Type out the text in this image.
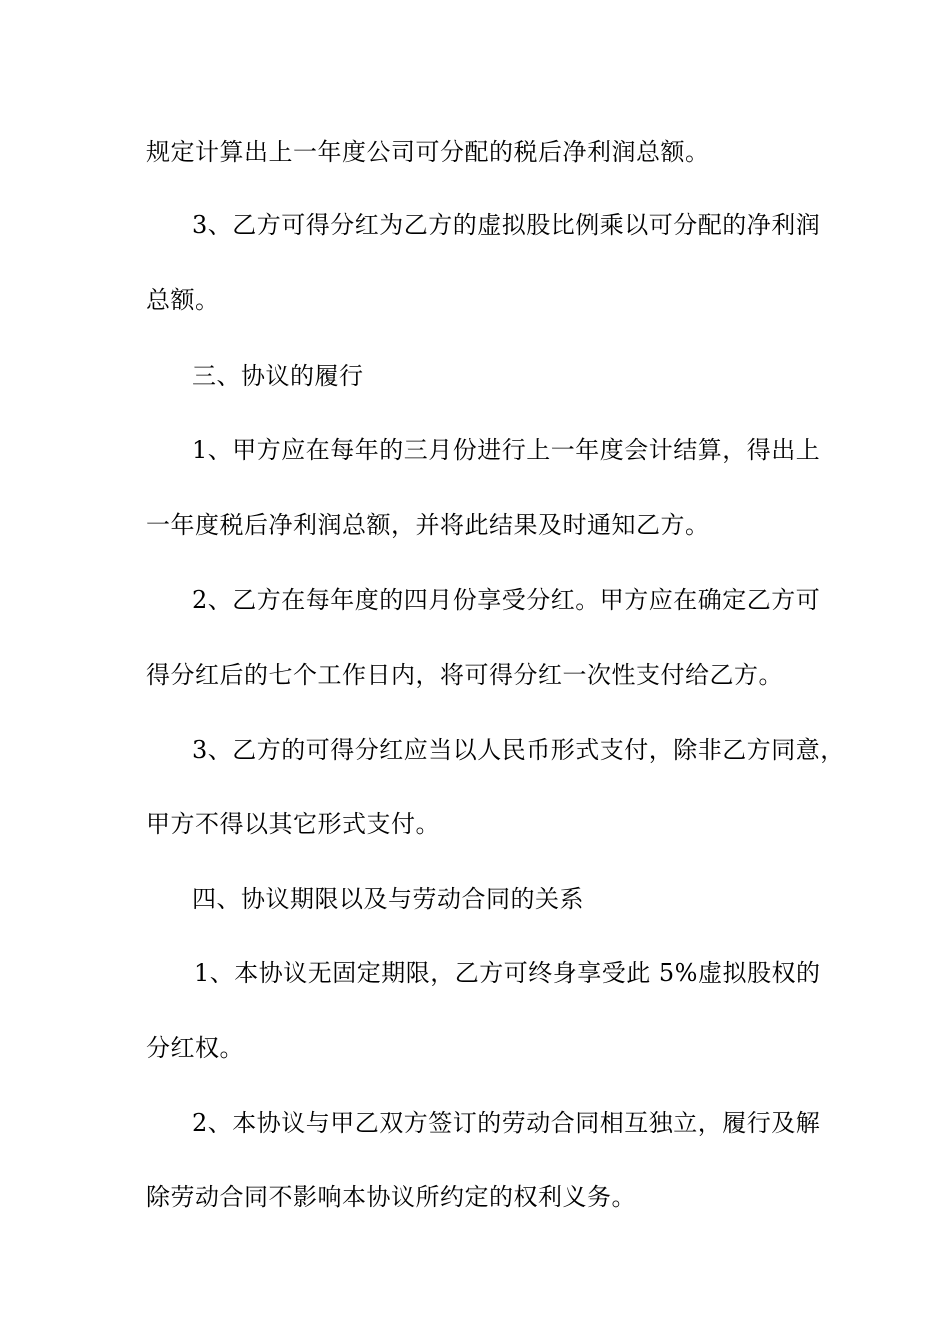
规定计算出上一年度公司可分配的税后净利润总额。
3、乙方可得分红为乙方的虚拟股比例乘以可分配的净利润
总额。
三、协议的履行
1、甲方应在每年的三月份进行上一年度会计结算，得出上
一年度税后净利润总额，并将此结果及时通知乙方。
2、乙方在每年度的四月份享受分红。甲方应在确定乙方可
得分红后的七个工作日内，将可得分红一次性支付给乙方。
3、乙方的可得分红应当以人民币形式支付，除非乙方同意，
甲方不得以其它形式支付。
四、协议期限以及与劳动合同的关系
1、本协议无固定期限，乙方可终身享受此 5%虚拟股权的
分红权。
2、本协议与甲乙双方签订的劳动合同相互独立，履行及解
除劳动合同不影响本协议所约定的权利义务。
